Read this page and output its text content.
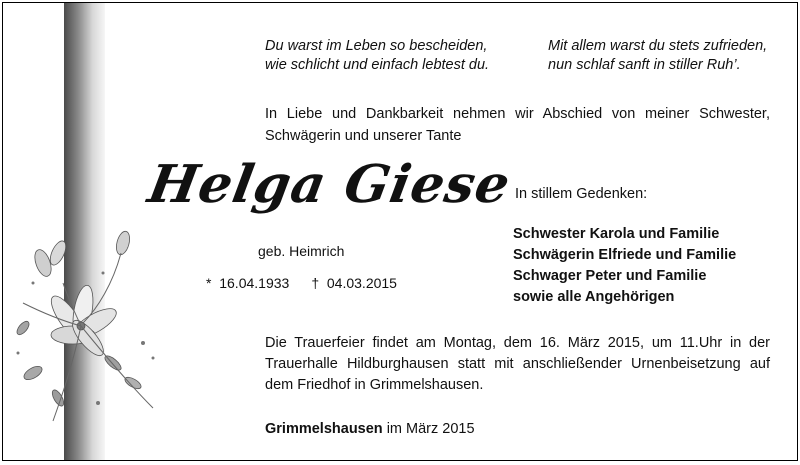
Du warst im Leben so bescheiden,
wie schlicht und einfach lebtest du.

Mit allem warst du stets zufrieden,
nun schlaf sanft in stiller Ruh’.

In Liebe und Dankbarkeit nehmen wir Abschied von meiner Schwester, Schwägerin und unserer Tante

Helga Giese
geb. Heimrich
* 16.04.1933 † 04.03.2015
In stillem Gedenken:
Schwester Karola und Familie
Schwägerin Elfriede und Familie
Schwager Peter und Familie
sowie alle Angehörigen

Die Trauerfeier findet am Montag, dem 16. März 2015, um 11.Uhr in der Trauerhalle Hildburghausen statt mit anschließender Urnenbeisetzung auf dem Friedhof in Grimmelshausen.

Grimmelshausen im März 2015
